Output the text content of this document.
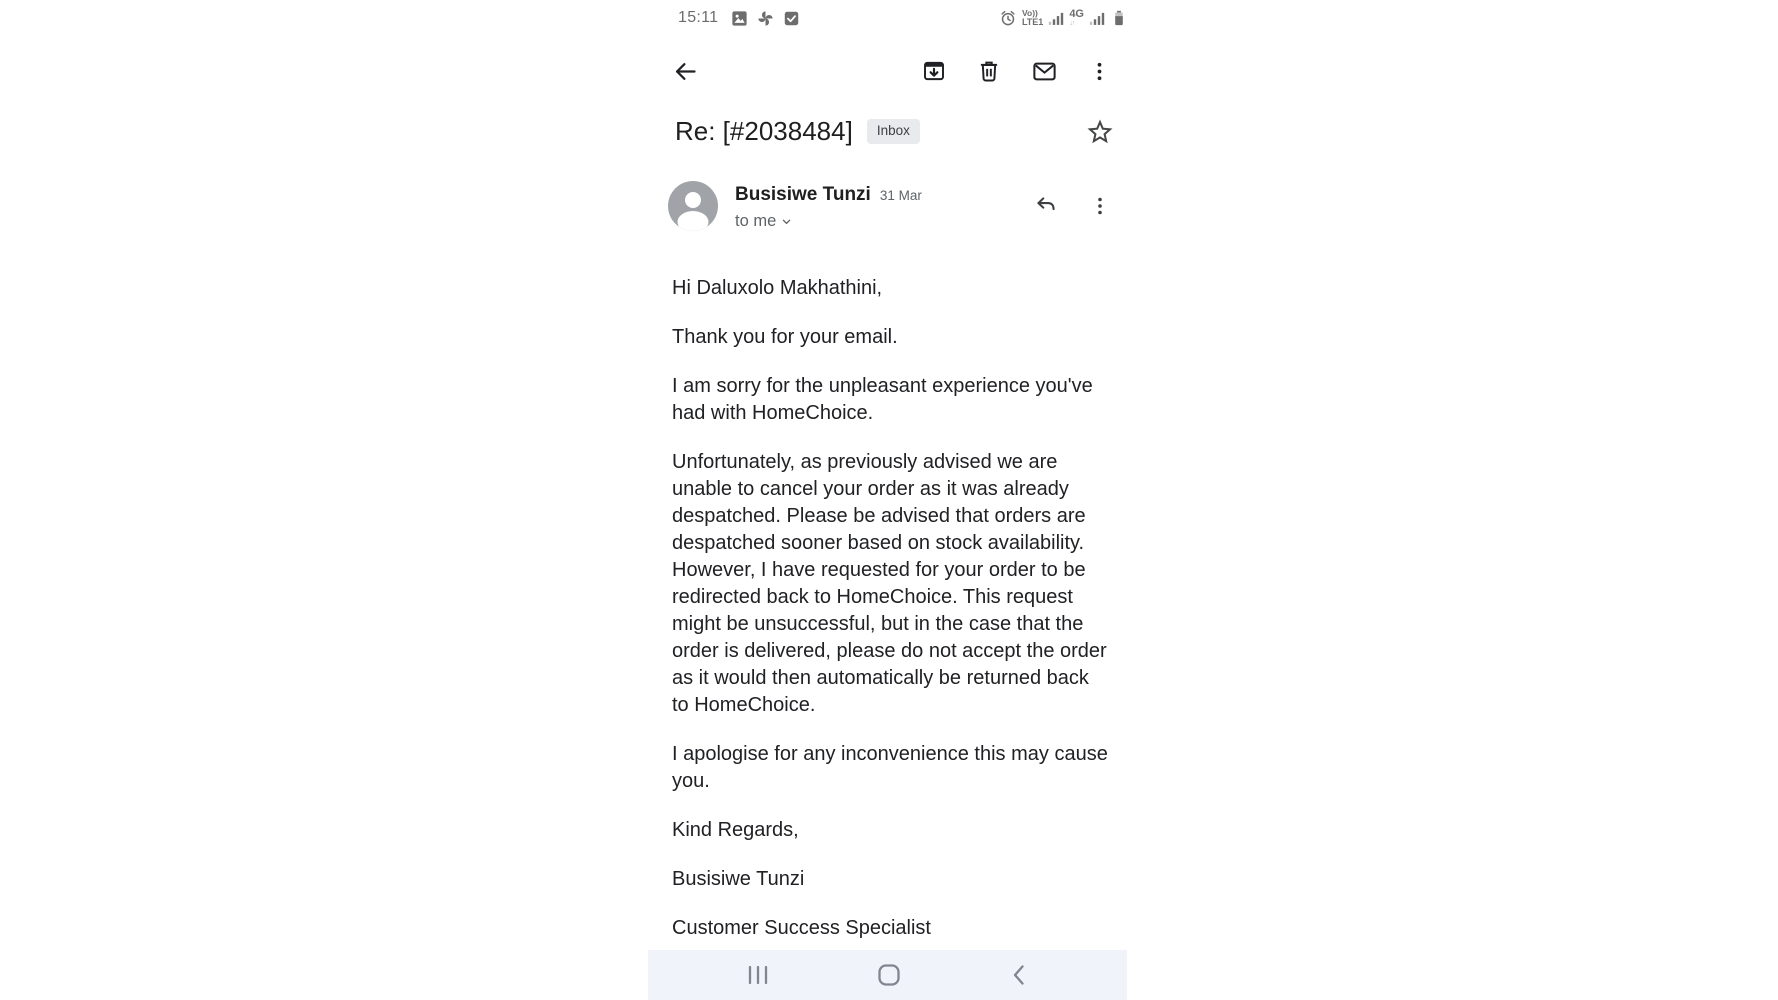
15:11	Vo))
LTE1
4G
↓↑
Re: [#2038484]	Inbox
Busisiwe Tunzi 31 Mar
to me

Hi Daluxolo Makhathini,

Thank you for your email.

I am sorry for the unpleasant experience you've had with HomeChoice.

Unfortunately, as previously advised we are unable to cancel your order as it was already despatched. Please be advised that orders are despatched sooner based on stock availability. However, I have requested for your order to be redirected back to HomeChoice. This request might be unsuccessful, but in the case that the order is delivered, please do not accept the order as it would then automatically be returned back to HomeChoice.

I apologise for any inconvenience this may cause you.

Kind Regards,

Busisiwe Tunzi

Customer Success Specialist
